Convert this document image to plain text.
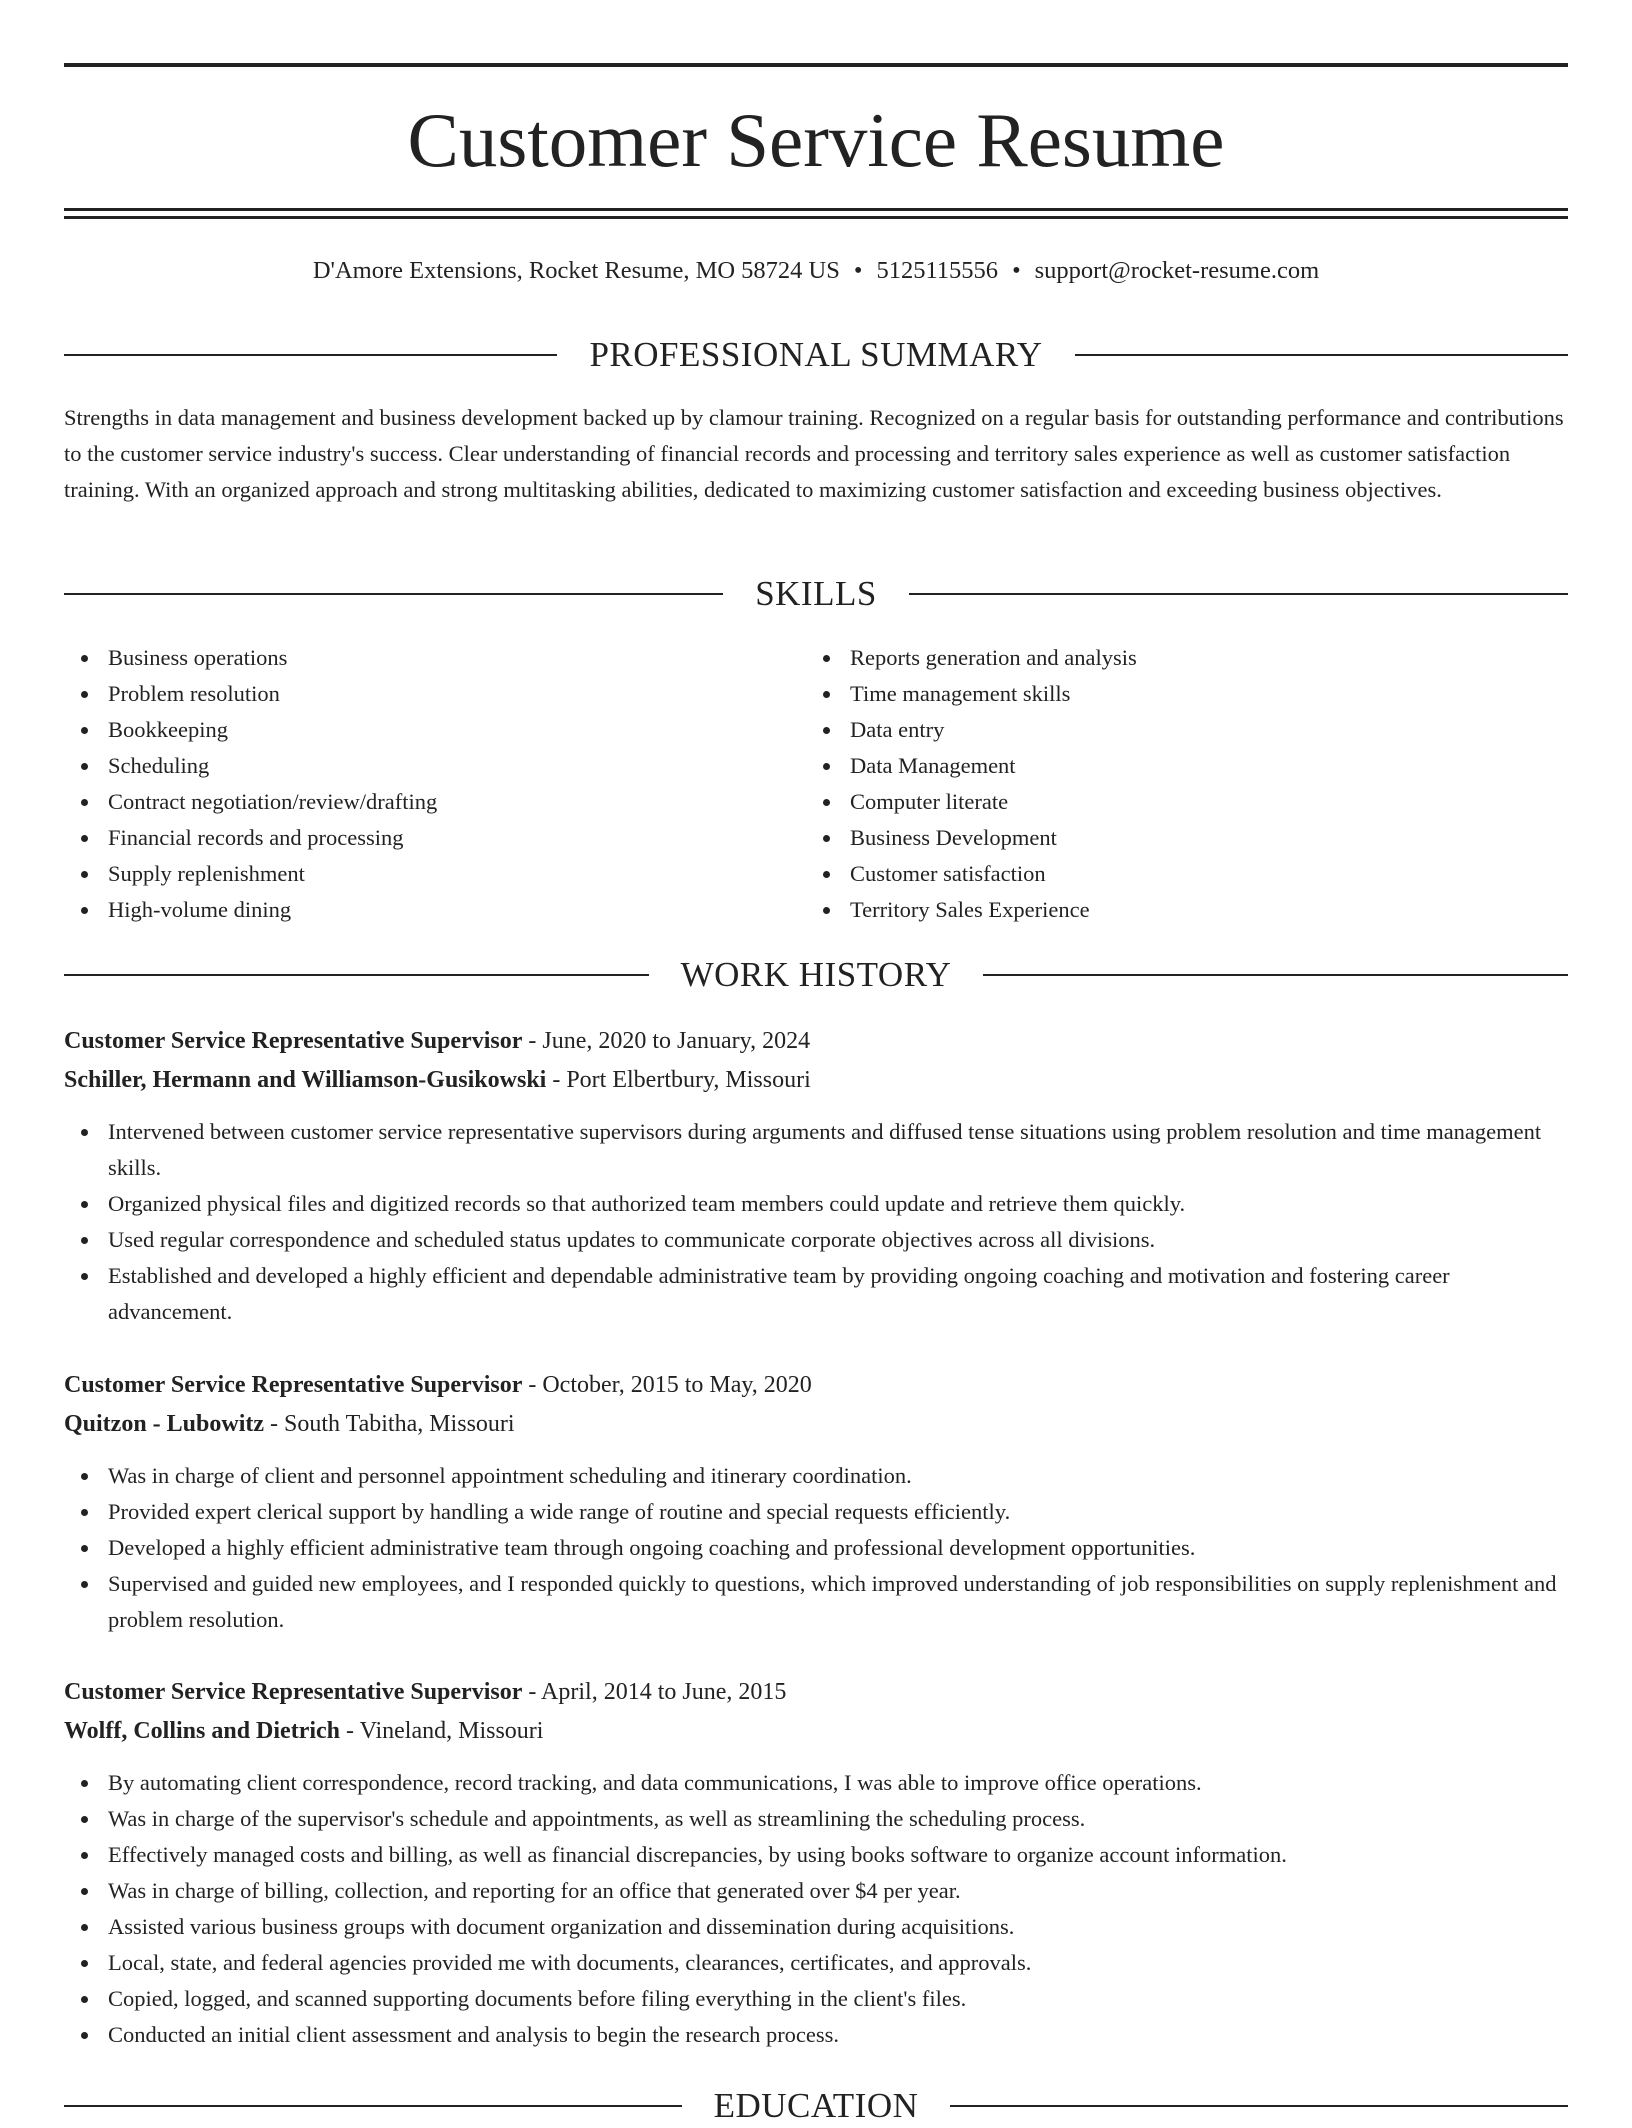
Customer Service Resume
D'Amore Extensions, Rocket Resume, MO 58724 US • 5125115556 • support@rocket-resume.com
PROFESSIONAL SUMMARY

Strengths in data management and business development backed up by clamour training. Recognized on a regular basis for outstanding performance and contributions to the customer service industry's success. Clear understanding of financial records and processing and territory sales experience as well as customer satisfaction training. With an organized approach and strong multitasking abilities, dedicated to maximizing customer satisfaction and exceeding business objectives.

SKILLS
Business operations
Problem resolution
Bookkeeping
Scheduling
Contract negotiation/review/drafting
Financial records and processing
Supply replenishment
High-volume dining
Reports generation and analysis
Time management skills
Data entry
Data Management
Computer literate
Business Development
Customer satisfaction
Territory Sales Experience
WORK HISTORY
Customer Service Representative Supervisor - June, 2020 to January, 2024
Schiller, Hermann and Williamson-Gusikowski - Port Elbertbury, Missouri
Intervened between customer service representative supervisors during arguments and diffused tense situations using problem resolution and time management skills.
Organized physical files and digitized records so that authorized team members could update and retrieve them quickly.
Used regular correspondence and scheduled status updates to communicate corporate objectives across all divisions.
Established and developed a highly efficient and dependable administrative team by providing ongoing coaching and motivation and fostering career advancement.
Customer Service Representative Supervisor - October, 2015 to May, 2020
Quitzon - Lubowitz - South Tabitha, Missouri
Was in charge of client and personnel appointment scheduling and itinerary coordination.
Provided expert clerical support by handling a wide range of routine and special requests efficiently.
Developed a highly efficient administrative team through ongoing coaching and professional development opportunities.
Supervised and guided new employees, and I responded quickly to questions, which improved understanding of job responsibilities on supply replenishment and problem resolution.
Customer Service Representative Supervisor - April, 2014 to June, 2015
Wolff, Collins and Dietrich - Vineland, Missouri
By automating client correspondence, record tracking, and data communications, I was able to improve office operations.
Was in charge of the supervisor's schedule and appointments, as well as streamlining the scheduling process.
Effectively managed costs and billing, as well as financial discrepancies, by using books software to organize account information.
Was in charge of billing, collection, and reporting for an office that generated over $4 per year.
Assisted various business groups with document organization and dissemination during acquisitions.
Local, state, and federal agencies provided me with documents, clearances, certificates, and approvals.
Copied, logged, and scanned supporting documents before filing everything in the client's files.
Conducted an initial client assessment and analysis to begin the research process.
EDUCATION
